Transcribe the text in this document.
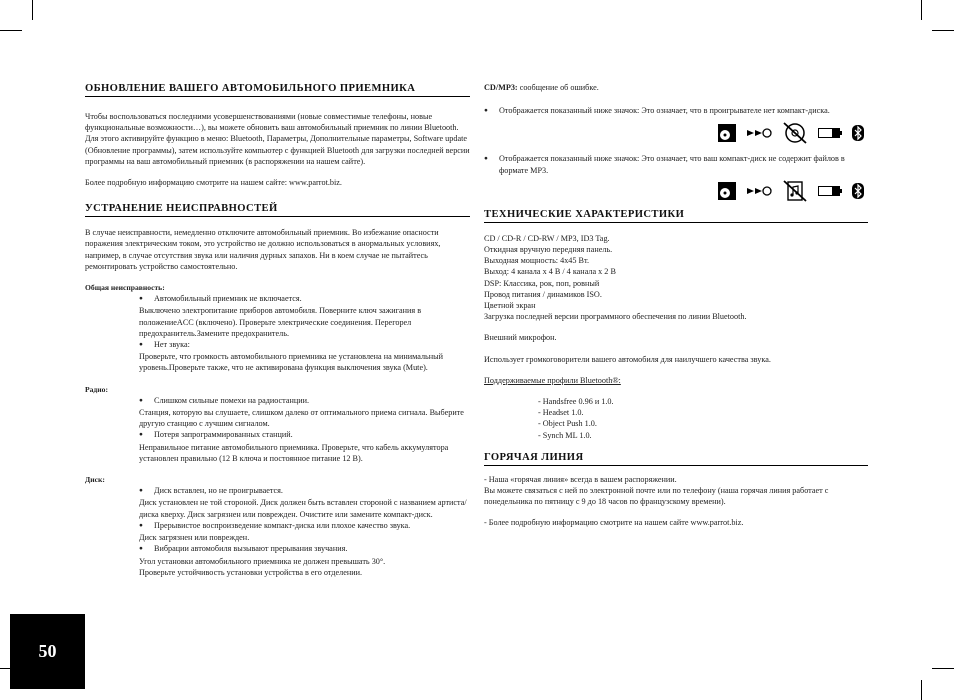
50
ОБНОВЛЕНИЕ ВАШЕГО АВТОМОБИЛЬНОГО ПРИЕМНИКА

Чтобы воспользоваться последними усовершенствованиями (новые совместимые телефоны, новые функциональные возможности…), вы можете обновить ваш автомобильный приемник по линии Bluetooth.

Для этого активируйте функцию в меню: Bluetooth, Параметры, Дополнительные параметры, Software update (Обновление программы), затем используйте компьютер с функцией Bluetooth для загрузки последней версии программы на ваш автомобильный приемник (в распоряжении на нашем сайте).

Более подробную информацию смотрите на нашем сайте: www.parrot.biz.

УСТРАНЕНИЕ НЕИСПРАВНОСТЕЙ

В случае неисправности, немедленно отключите автомобильный приемник. Во избежание опасности поражения электрическим током, это устройство не должно использоваться в анормальных условиях, например, в случае отсутствия звука или наличия дурных запахов. Ни в коем случае не пытайтесь ремонтировать устройство самостоятельно.

Общая неисправность:

●
Автомобильный приемник не включается.

Выключено электропитание приборов автомобиля. Поверните ключ зажигания в положениеACC (включено). Проверьте электрические соединения. Перегорел предохранитель.Замените предохранитель.

●
Нет звука:

Проверьте, что громкость автомобильного приемника не установлена на минимальный уровень.Проверьте также, что не активирована функция выключения звука (Mute).

Радио:

●
Слишком сильные помехи на радиостанции.

Станция, которую вы слушаете, слишком далеко от оптимального приема сигнала. Выберите другую станцию с лучшим сигналом.

●
Потеря запрограммированных станций.

Неправильное питание автомобильного приемника. Проверьте, что кабель аккумулятора установлен правильно (12 В ключа и постоянное питание 12 В).

Диск:

●
Диск вставлен, но не проигрывается.

Диск установлен не той стороной. Диск должен быть вставлен стороной с названием артиста/диска кверху. Диск загрязнен или поврежден. Очистите или замените компакт-диск.

●
Прерывистое воспроизведение компакт-диска или плохое качество звука.

Диск загрязнен или поврежден.

●
Вибрации автомобиля вызывают прерывания звучания.

Угол установки автомобильного приемника не должен превышать 30°.

Проверьте устойчивость установки устройства в его отделении.

CD/MP3: сообщение об ошибке.

●
Отображается показанный ниже значок: Это означает, что в проигрывателе нет компакт-диска.
●
Отображается показанный ниже значок: Это означает, что ваш компакт-диск не содержит файлов в формате MP3.
ТЕХНИЧЕСКИЕ ХАРАКТЕРИСТИКИ

CD / CD-R / CD-RW / MP3, ID3 Tag.

Откидная вручную передняя панель.

Выходная мощность: 4x45 Вт.

Выход: 4 канала x 4 В / 4 канала x 2 В

DSP: Классика, рок, поп, ровный

Провод питания / динамиков ISO.

Цветной экран

Загрузка последней версии программного обеспечения по линии Bluetooth.

Внешний микрофон.

Использует громкоговорители вашего автомобиля для наилучшего качества звука.

Поддерживаемые профили Bluetooth®:

- Handsfree 0.96 и 1.0.

- Headset 1.0.

- Object Push 1.0.

- Synch ML 1.0.

ГОРЯЧАЯ ЛИНИЯ

- Наша «горячая линия» всегда в вашем распоряжении.

Вы можете связаться с ней по электронной почте или по телефону (наша горячая линия работает с понедельника по пятницу с 9 до 18 часов по французскому времени).

- Более подробную информацию смотрите на нашем сайте www.parrot.biz.
